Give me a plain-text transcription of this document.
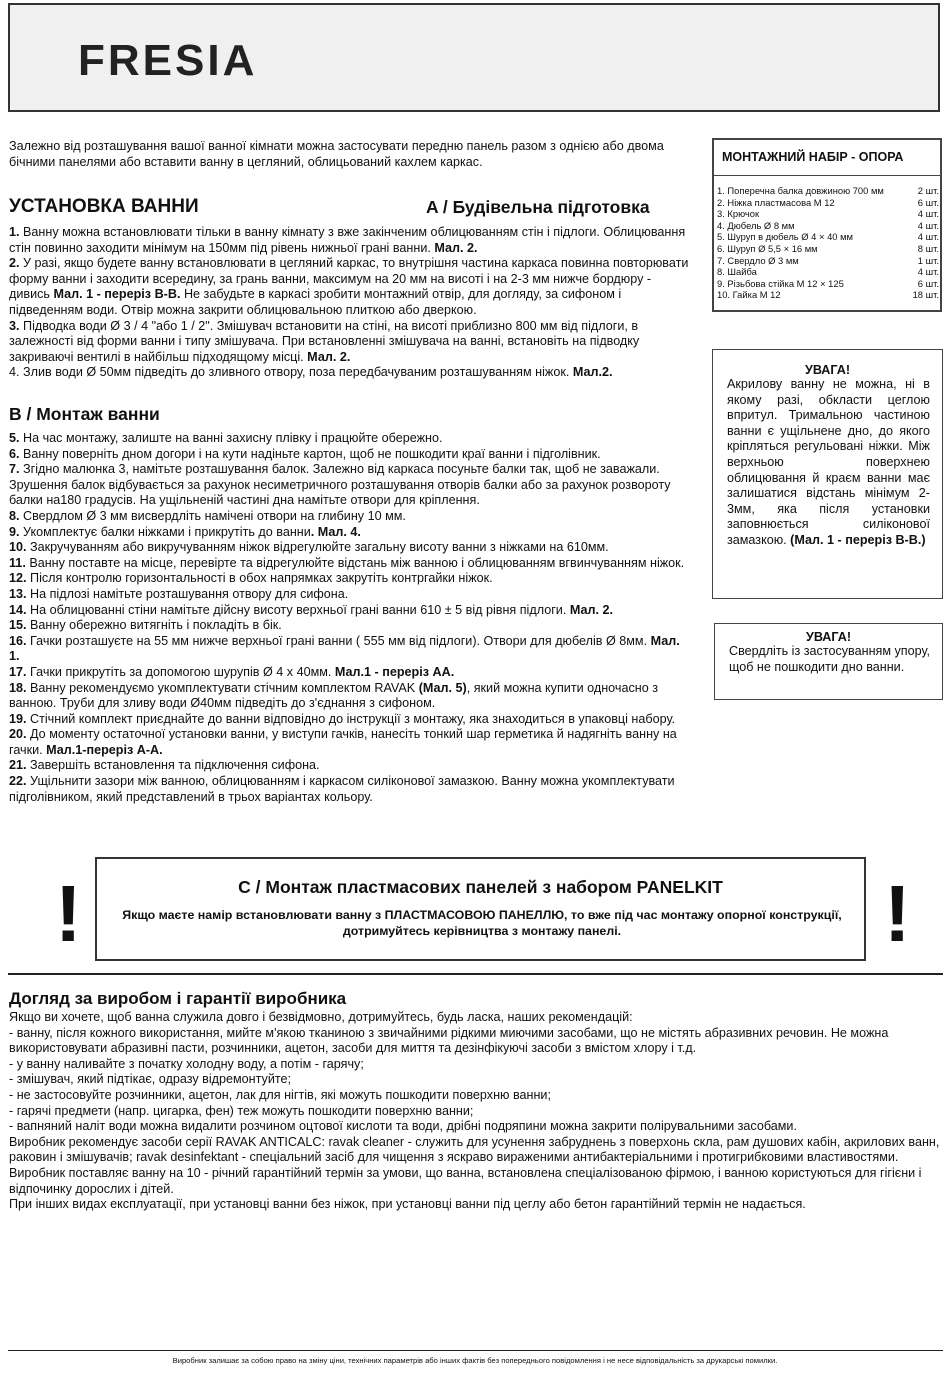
FRESIA
Залежно від розташування вашої ванної кімнати можна застосувати передню панель разом з однією або двома бічними панелями або вставити ванну в цегляний, облицьований кахлем каркас.
УСТАНОВКА ВАННИ	A / Будівельна підготовка

1. Ванну можна встановлювати тільки в ванну кімнату з вже закінченим облицюванням стін і підлоги. Облицювання стін повинно заходити мінімум на 150мм під рівень нижньої грані ванни. Мал. 2.

2. У разі, якщо будете ванну встановлювати в цегляний каркас, то внутрішня частина каркаса повинна повторювати форму ванни і заходити всередину, за грань ванни, максимум на 20 мм на висоті і на 2-3 мм нижче бордюру - дивись Мал. 1 - переріз В-В. Не забудьте в каркасі зробити монтажний отвір, для догляду, за сифоном і підведенням води. Отвір можна закрити облицювальною плиткою або дверкою.

3. Підводка води Ø 3 / 4 "або 1 / 2". Змішувач встановити на стіні, на висоті приблизно 800 мм від підлоги, в залежності від форми ванни і типу змішувача. При встановленні змішувача на ванні, встановіть на підводку закриваючі вентилі в найбільш підходящому місці. Мал. 2.

4. Злив води Ø 50мм підведіть до зливного отвору, поза передбачуваним розташуванням ніжок. Мал.2.

B / Монтаж ванни

5. На час монтажу, залиште на ванні захисну плівку і працюйте обережно.

6. Ванну поверніть дном догори і на кути надіньте картон, щоб не пошкодити краї ванни і підголівник.

7. Згідно малюнка 3, намітьте розташування балок. Залежно від каркаса посуньте балки так, щоб не заважали. Зрушення балок відбувається за рахунок несиметричного розташування отворів балки або за рахунок розвороту балки на180 градусів. На ущільненій частині дна намітьте отвори для кріплення.

8. Свердлом Ø 3 мм висвердліть намічені отвори на глибину 10 мм.

9. Укомплектує балки ніжками і прикрутіть до ванни. Мал. 4.

10. Закручуванням або викручуванням ніжок відрегулюйте загальну висоту ванни з ніжками на 610мм.

11. Ванну поставте на місце, перевірте та відрегулюйте відстань між ванною і облицюванням вгвинчуванням ніжок.

12. Після контролю горизонтальності в обох напрямках закрутіть контргайки ніжок.

13. На підлозі намітьте розташування отвору для сифона.

14. На облицюванні стіни намітьте дійсну висоту верхньої грані ванни 610 ± 5 від рівня підлоги. Мал. 2.

15. Ванну обережно витягніть і покладіть в бік.

16. Гачки розташуєте на 55 мм нижче верхньої грані ванни ( 555 мм від підлоги). Отвори для дюбелів Ø 8мм. Мал. 1.

17. Гачки прикрутіть за допомогою шурупів Ø 4 х 40мм. Мал.1 - переріз АА.

18. Ванну рекомендуємо укомплектувати стічним комплектом RAVAK (Мал. 5), який можна купити одночасно з ванною. Труби для зливу води Ø40мм підведіть до з'єднання з сифоном.

19. Стічний комплект приєднайте до ванни відповідно до інструкції з монтажу, яка знаходиться в упаковці набору.

20. До моменту остаточної установки ванни, у виступи гачків, нанесіть тонкий шар герметика й надягніть ванну на гачки. Мал.1-переріз А-А.

21. Завершіть встановлення та підключення сифона.

22. Ущільнити зазори між ванною, облицюванням і каркасом силіконової замазкою. Ванну можна укомплектувати підголівником, який представлений в трьох варіантах кольору.

МОНТАЖНИЙ НАБІР - ОПОРА
1. Поперечна балка довжиною 700 мм	2 шт.
2. Ніжка пластмасова М 12	6 шт.
3. Крючок	4 шт.
4. Дюбель Ø 8 мм	4 шт.
5. Шуруп в дюбель Ø 4 × 40 мм	4 шт.
6. Шуруп Ø 5,5 × 16 мм	8 шт.
7. Свердло Ø 3 мм	1 шт.
8. Шайба	4 шт.
9. Різьбова стійка М 12 × 125	6 шт.
10. Гайка М 12	18 шт.
УВАГА!
Акрилову ванну не можна, ні в якому разі, обкласти цеглою впритул. Тримальною частиною ванни є ущільнене дно, до якого кріпляться регульовані ніжки. Між верхньою поверхнею облицювання й краєм ванни має залишатися відстань мінімум 2-3мм, яка після установки заповнюється силіконової замазкою. (Мал. 1 - переріз B-B.)
УВАГА!
Свердліть із застосуванням упору, щоб не пошкодити дно ванни.
!	C / Монтаж пластмасових панелей з набором PANELKIT
Якщо маєте намір встановлювати ванну з ПЛАСТМАСОВОЮ ПАНЕЛЛЮ, то вже під час монтажу опорної конструкції, дотримуйтесь керівництва з монтажу панелі.	!
Догляд за виробом і гарантії виробника

Якщо ви хочете, щоб ванна служила довго і безвідмовно, дотримуйтесь, будь ласка, наших рекомендацій:

- ванну, після кожного використання, мийте м'якою тканиною з звичайними рідкими миючими засобами, що не містять абразивних речовин. Не можна використовувати абразивні пасти, розчинники, ацетон, засоби для миття та дезінфікуючі засоби з вмістом хлору і т.д.

- у ванну наливайте з початку холодну воду, а потім - гарячу;

- змішувач, який підтікає, одразу відремонтуйте;

- не застосовуйте розчинники, ацетон, лак для нігтів, які можуть пошкодити поверхню ванни;

- гарячі предмети (напр. цигарка, фен) теж можуть пошкодити поверхню ванни;

- вапняний наліт води можна видалити розчином оцтової кислоти та води, дрібні подряпини можна закрити полірувальними засобами.

Виробник рекомендує засоби серії RAVAK ANTICALC: ravak cleaner - служить для усунення забруднень з поверхонь скла, рам душових кабін, акрилових ванн, раковин і змішувачів; ravak desinfektant - спеціальний засіб для чищення з яскраво вираженими антибактеріальними і протигрибковими властивостями.

Виробник поставляє ванну на 10 - річний гарантійний термін за умови, що ванна, встановлена спеціалізованою фірмою, і ванною користуються для гігієни і відпочинку дорослих і дітей.

При інших видах експлуатації, при установці ванни без ніжок, при установці ванни під цеглу або бетон гарантійний термін не надається.

Виробник залишає за собою право на зміну ціни, технічних параметрів або інших фактів без попереднього повідомлення і не несе відповідальність за друкарські помилки.
